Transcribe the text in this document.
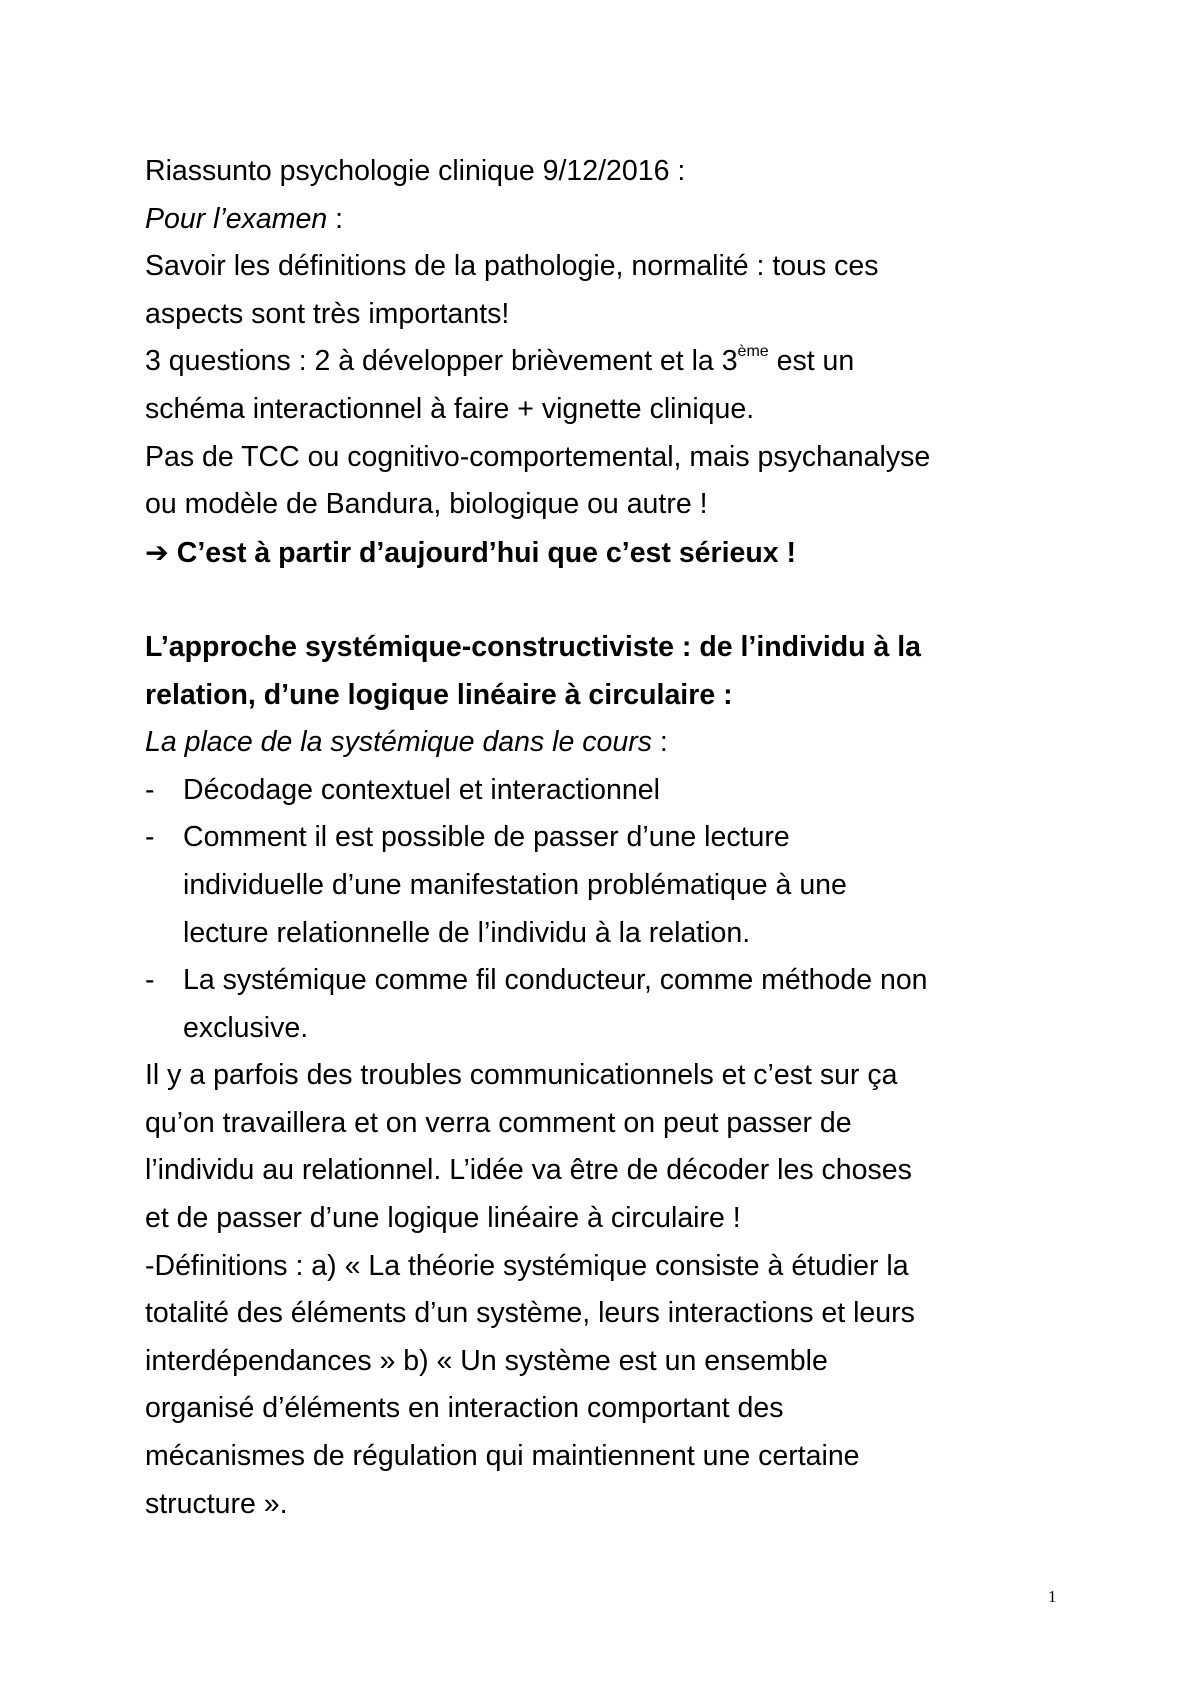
Riassunto psychologie clinique 9/12/2016 :
Pour l’examen :
Savoir les définitions de la pathologie, normalité : tous ces
aspects sont très importants!
3 questions : 2 à développer brièvement et la 3ème est un
schéma interactionnel à faire + vignette clinique.
Pas de TCC ou cognitivo-comportemental, mais psychanalyse
ou modèle de Bandura, biologique ou autre !
➔ C’est à partir d’aujourd’hui que c’est sérieux !
L’approche systémique-constructiviste : de l’individu à la
relation, d’une logique linéaire à circulaire :
La place de la systémique dans le cours :
- Décodage contextuel et interactionnel
- Comment il est possible de passer d’une lecture
individuelle d’une manifestation problématique à une
lecture relationnelle de l’individu à la relation.
- La systémique comme fil conducteur, comme méthode non
exclusive.
Il y a parfois des troubles communicationnels et c’est sur ça
qu’on travaillera et on verra comment on peut passer de
l’individu au relationnel. L’idée va être de décoder les choses
et de passer d’une logique linéaire à circulaire !
-Définitions : a) « La théorie systémique consiste à étudier la
totalité des éléments d’un système, leurs interactions et leurs
interdépendances » b) « Un système est un ensemble
organisé d’éléments en interaction comportant des
mécanismes de régulation qui maintiennent une certaine
structure ».
1
